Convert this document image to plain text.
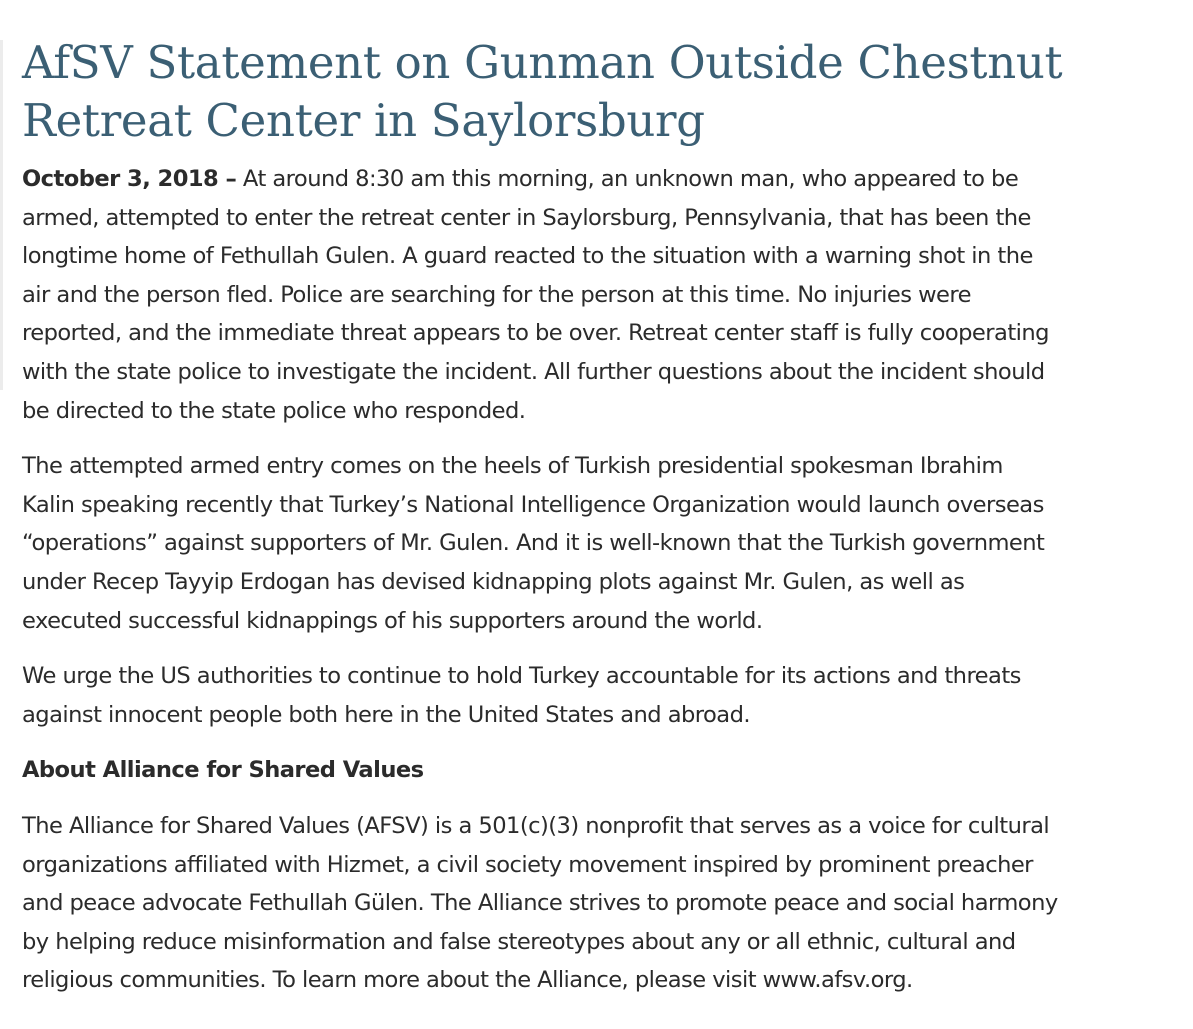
AfSV Statement on Gunman Outside Chestnut
Retreat Center in Saylorsburg

October 3, 2018 – At around 8:30 am this morning, an unknown man, who appeared to be
armed, attempted to enter the retreat center in Saylorsburg, Pennsylvania, that has been the
longtime home of Fethullah Gulen. A guard reacted to the situation with a warning shot in the
air and the person fled. Police are searching for the person at this time. No injuries were
reported, and the immediate threat appears to be over. Retreat center staff is fully cooperating
with the state police to investigate the incident. All further questions about the incident should
be directed to the state police who responded.

The attempted armed entry comes on the heels of Turkish presidential spokesman Ibrahim
Kalin speaking recently that Turkey’s National Intelligence Organization would launch overseas
“operations” against supporters of Mr. Gulen. And it is well-known that the Turkish government
under Recep Tayyip Erdogan has devised kidnapping plots against Mr. Gulen, as well as
executed successful kidnappings of his supporters around the world.

We urge the US authorities to continue to hold Turkey accountable for its actions and threats
against innocent people both here in the United States and abroad.

About Alliance for Shared Values

The Alliance for Shared Values (AFSV) is a 501(c)(3) nonprofit that serves as a voice for cultural
organizations affiliated with Hizmet, a civil society movement inspired by prominent preacher
and peace advocate Fethullah Gülen. The Alliance strives to promote peace and social harmony
by helping reduce misinformation and false stereotypes about any or all ethnic, cultural and
religious communities. To learn more about the Alliance, please visit www.afsv.org.
